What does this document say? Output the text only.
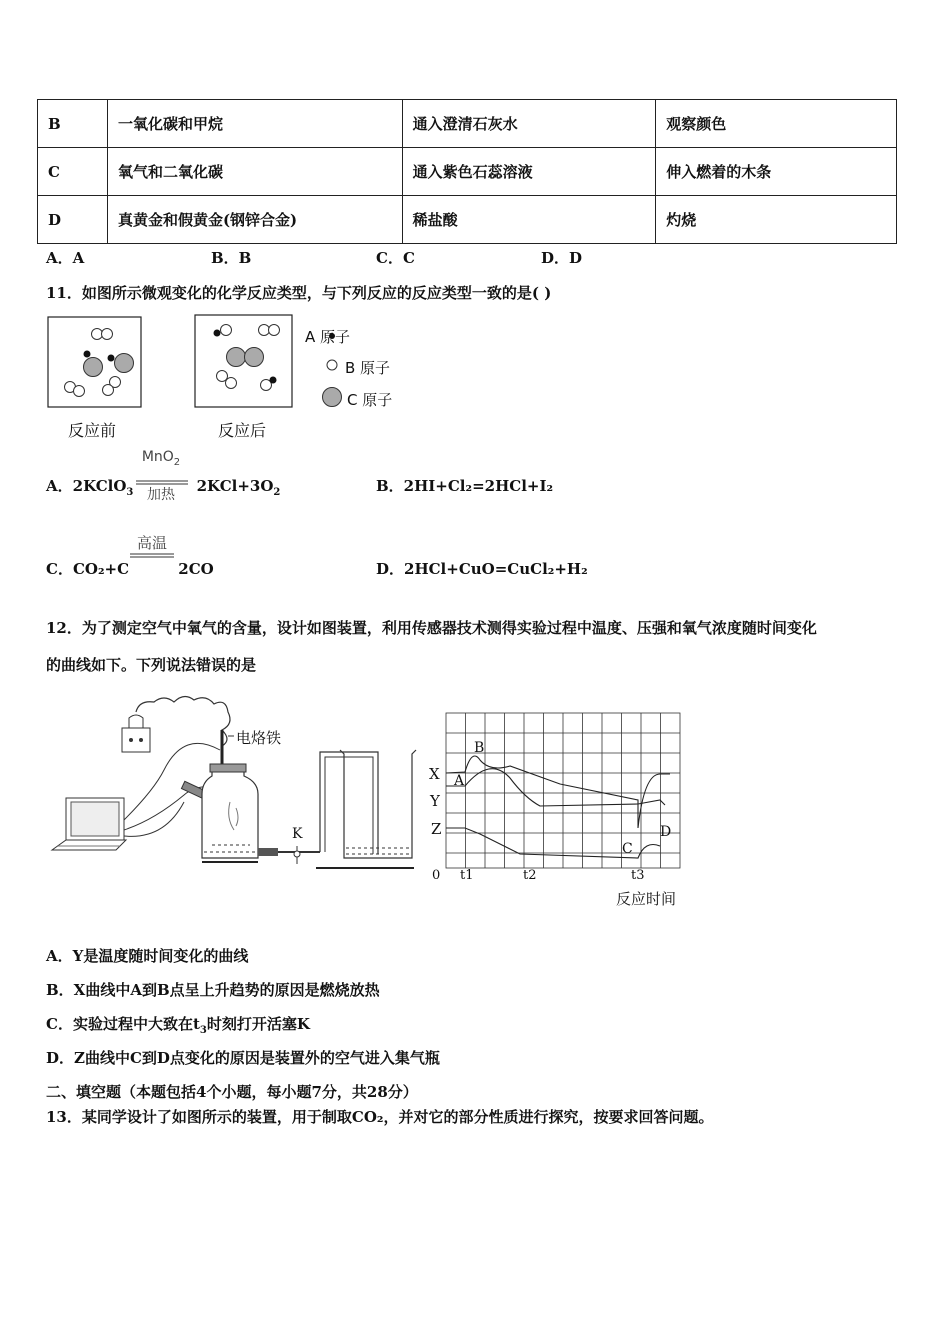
B	一氧化碳和甲烷	通入澄清石灰水	观察颜色
C	氧气和二氧化碳	通入紫色石蕊溶液	伸入燃着的木条
D	真黄金和假黄金(钢锌合金)	稀盐酸	灼烧
A．A	B．B	C．C	D．D
11．如图所示微观变化的化学反应类型，与下列反应的反应类型一致的是( )
A 原子
B 原子
C 原子
反应前	反应后
A．2KClO$_3$	$2KCl+3O_2$
MnO$_2$
加热	B．2HI+Cl₂=2HCl+I₂
C．CO₂+C	2CO
高温
D．2HCl+CuO=CuCl₂+H₂
12．为了测定空气中氧气的含量，设计如图装置，利用传感器技术测得实验过程中温度、压强和氧气浓度随时间变化
的曲线如下。下列说法错误的是
电烙铁
K
X
Y
Z
A
B
C
D
0 t1	t2	t3
反应时间
A．Y是温度随时间变化的曲线
B．X曲线中A到B点呈上升趋势的原因是燃烧放热
C．实验过程中大致在$t_3$时刻打开活塞K
D．Z曲线中C到D点变化的原因是装置外的空气进入集气瓶
二、填空题（本题包括4个小题，每小题7分，共28分）
13．某同学设计了如图所示的装置，用于制取CO₂，并对它的部分性质进行探究，按要求回答问题。
